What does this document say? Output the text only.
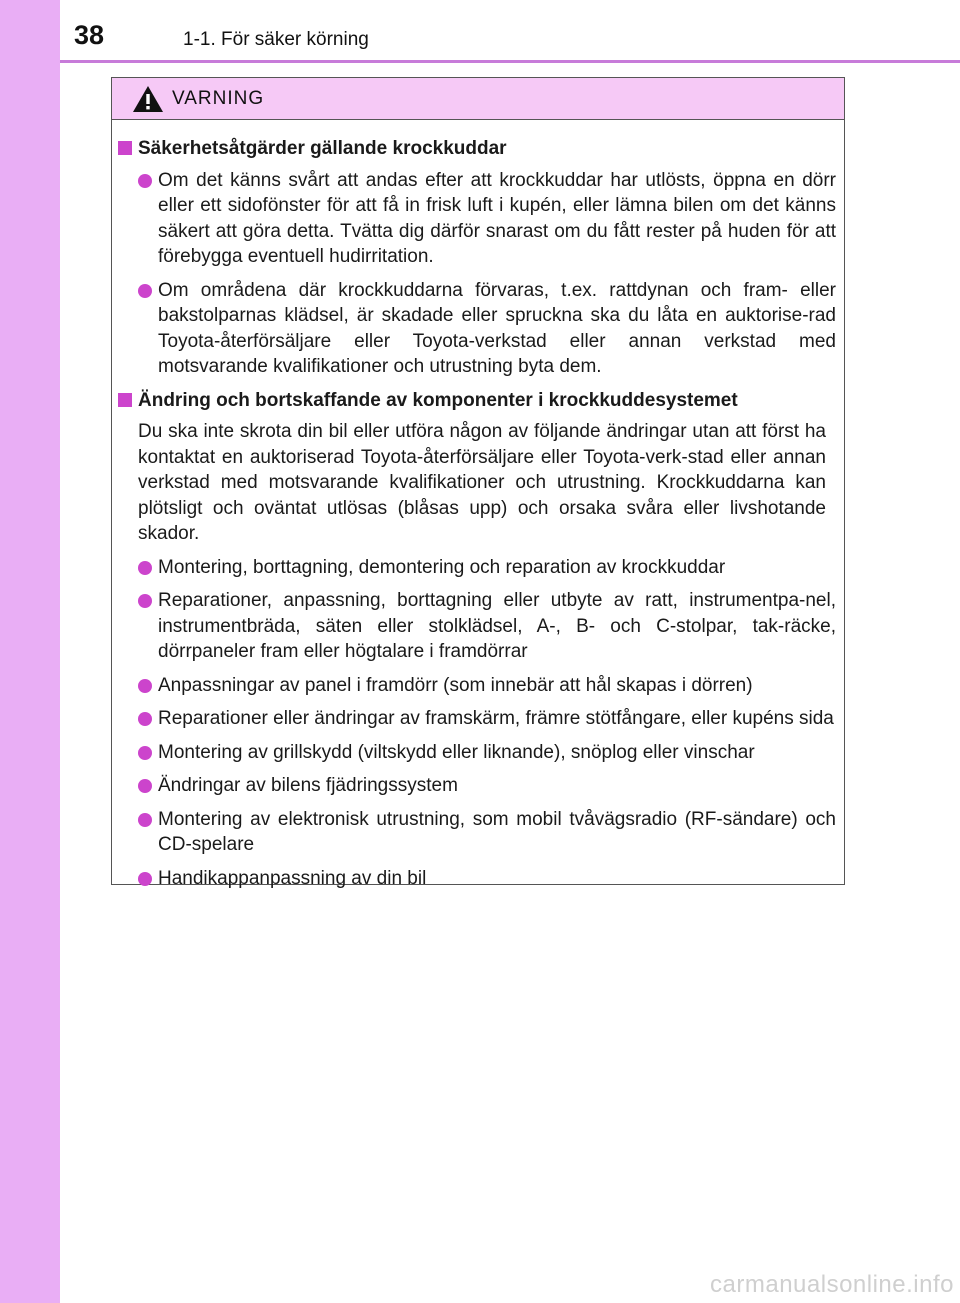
38	1-1. För säker körning
VARNING
Säkerhetsåtgärder gällande krockkuddar
Om det känns svårt att andas efter att krockkuddar har utlösts, öppna en dörr eller ett sidofönster för att få in frisk luft i kupén, eller lämna bilen om det känns säkert att göra detta. Tvätta dig därför snarast om du fått rester på huden för att förebygga eventuell hudirritation.
Om områdena där krockkuddarna förvaras, t.ex. rattdynan och fram- eller bakstolparnas klädsel, är skadade eller spruckna ska du låta en auktorise-rad Toyota-återförsäljare eller Toyota-verkstad eller annan verkstad med motsvarande kvalifikationer och utrustning byta dem.
Ändring och bortskaffande av komponenter i krockkuddesystemet
Du ska inte skrota din bil eller utföra någon av följande ändringar utan att först ha kontaktat en auktoriserad Toyota-återförsäljare eller Toyota-verk-stad eller annan verkstad med motsvarande kvalifikationer och utrustning. Krockkuddarna kan plötsligt och oväntat utlösas (blåsas upp) och orsaka svåra eller livshotande skador.
Montering, borttagning, demontering och reparation av krockkuddar
Reparationer, anpassning, borttagning eller utbyte av ratt, instrumentpa-nel, instrumentbräda, säten eller stolklädsel, A-, B- och C-stolpar, tak-räcke, dörrpaneler fram eller högtalare i framdörrar
Anpassningar av panel i framdörr (som innebär att hål skapas i dörren)
Reparationer eller ändringar av framskärm, främre stötfångare, eller kupéns sida
Montering av grillskydd (viltskydd eller liknande), snöplog eller vinschar
Ändringar av bilens fjädringssystem
Montering av elektronisk utrustning, som mobil tvåvägsradio (RF-sändare) och CD-spelare
Handikappanpassning av din bil
carmanualsonline.info
